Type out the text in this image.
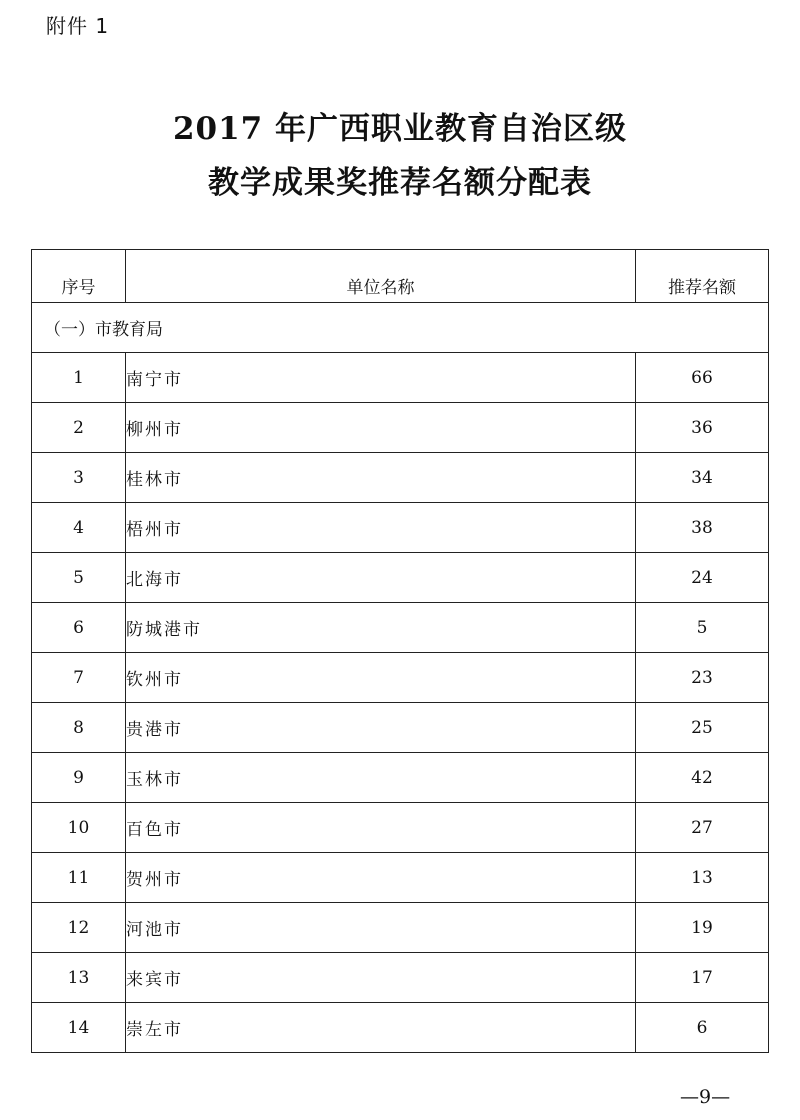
附件 1
2017 年广西职业教育自治区级
教学成果奖推荐名额分配表
序号	单位名称	推荐名额
（一）市教育局		
1	南宁市	66
2	柳州市	36
3	桂林市	34
4	梧州市	38
5	北海市	24
6	防城港市	5
7	钦州市	23
8	贵港市	25
9	玉林市	42
10	百色市	27
11	贺州市	13
12	河池市	19
13	来宾市	17
14	崇左市	6
—9—
